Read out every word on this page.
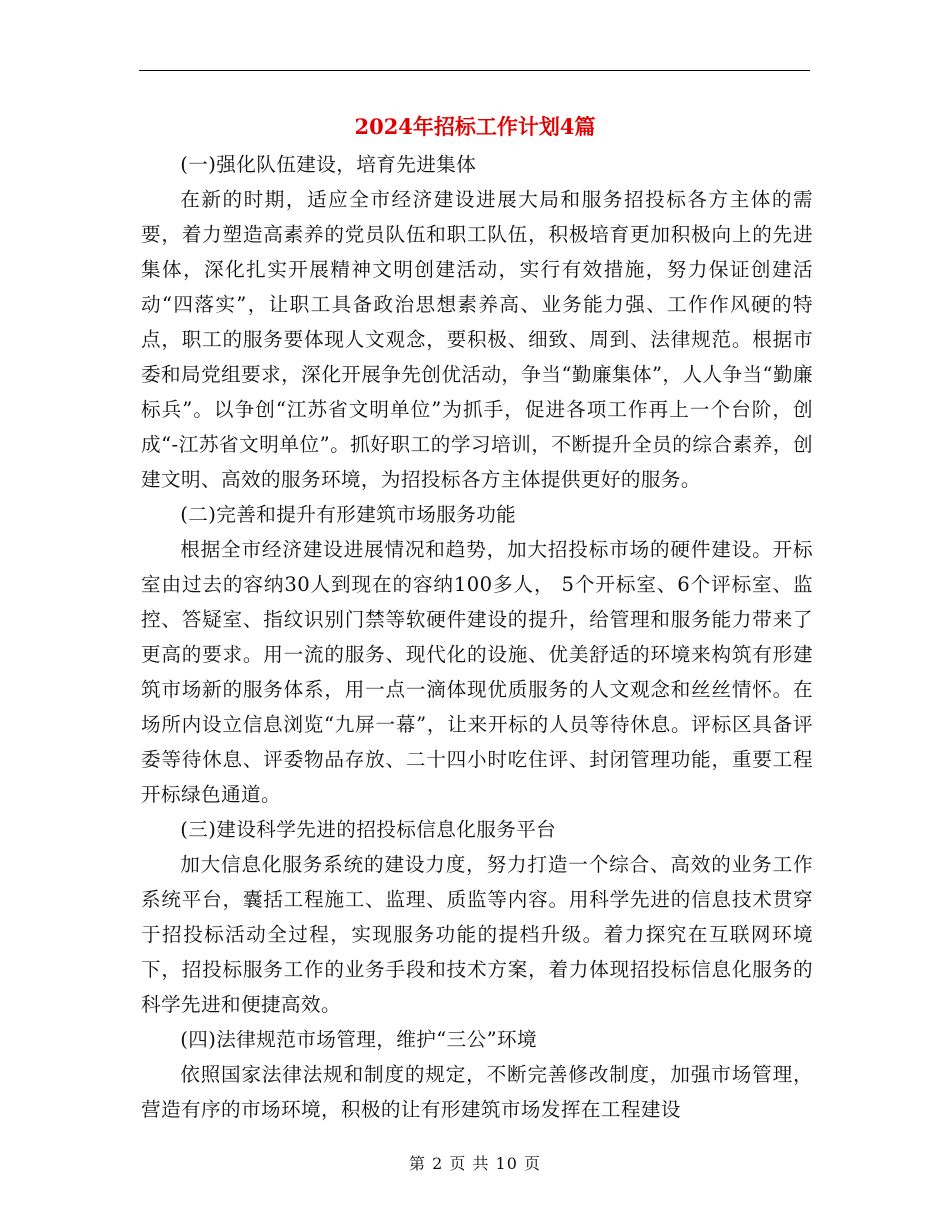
2024年招标工作计划4篇

(一)强化队伍建设，培育先进集体

在新的时期，适应全市经济建设进展大局和服务招投标各方主体的需要，着力塑造高素养的党员队伍和职工队伍，积极培育更加积极向上的先进集体，深化扎实开展精神文明创建活动，实行有效措施，努力保证创建活动“四落实”，让职工具备政治思想素养高、业务能力强、工作作风硬的特点，职工的服务要体现人文观念，要积极、细致、周到、法律规范。根据市委和局党组要求，深化开展争先创优活动，争当“勤廉集体”，人人争当“勤廉标兵”。以争创“江苏省文明单位”为抓手，促进各项工作再上一个台阶，创成“-江苏省文明单位”。抓好职工的学习培训，不断提升全员的综合素养，创建文明、高效的服务环境，为招投标各方主体提供更好的服务。

(二)完善和提升有形建筑市场服务功能

根据全市经济建设进展情况和趋势，加大招投标市场的硬件建设。开标室由过去的容纳30人到现在的容纳100多人， 5个开标室、6个评标室、监控、答疑室、指纹识别门禁等软硬件建设的提升，给管理和服务能力带来了更高的要求。用一流的服务、现代化的设施、优美舒适的环境来构筑有形建筑市场新的服务体系，用一点一滴体现优质服务的人文观念和丝丝情怀。在场所内设立信息浏览“九屏一幕”，让来开标的人员等待休息。评标区具备评委等待休息、评委物品存放、二十四小时吃住评、封闭管理功能，重要工程开标绿色通道。

(三)建设科学先进的招投标信息化服务平台

加大信息化服务系统的建设力度，努力打造一个综合、高效的业务工作系统平台，囊括工程施工、监理、质监等内容。用科学先进的信息技术贯穿于招投标活动全过程，实现服务功能的提档升级。着力探究在互联网环境下，招投标服务工作的业务手段和技术方案，着力体现招投标信息化服务的科学先进和便捷高效。

(四)法律规范市场管理，维护“三公”环境

依照国家法律法规和制度的规定，不断完善修改制度，加强市场管理，营造有序的市场环境，积极的让有形建筑市场发挥在工程建设

第 2 页 共 10 页
